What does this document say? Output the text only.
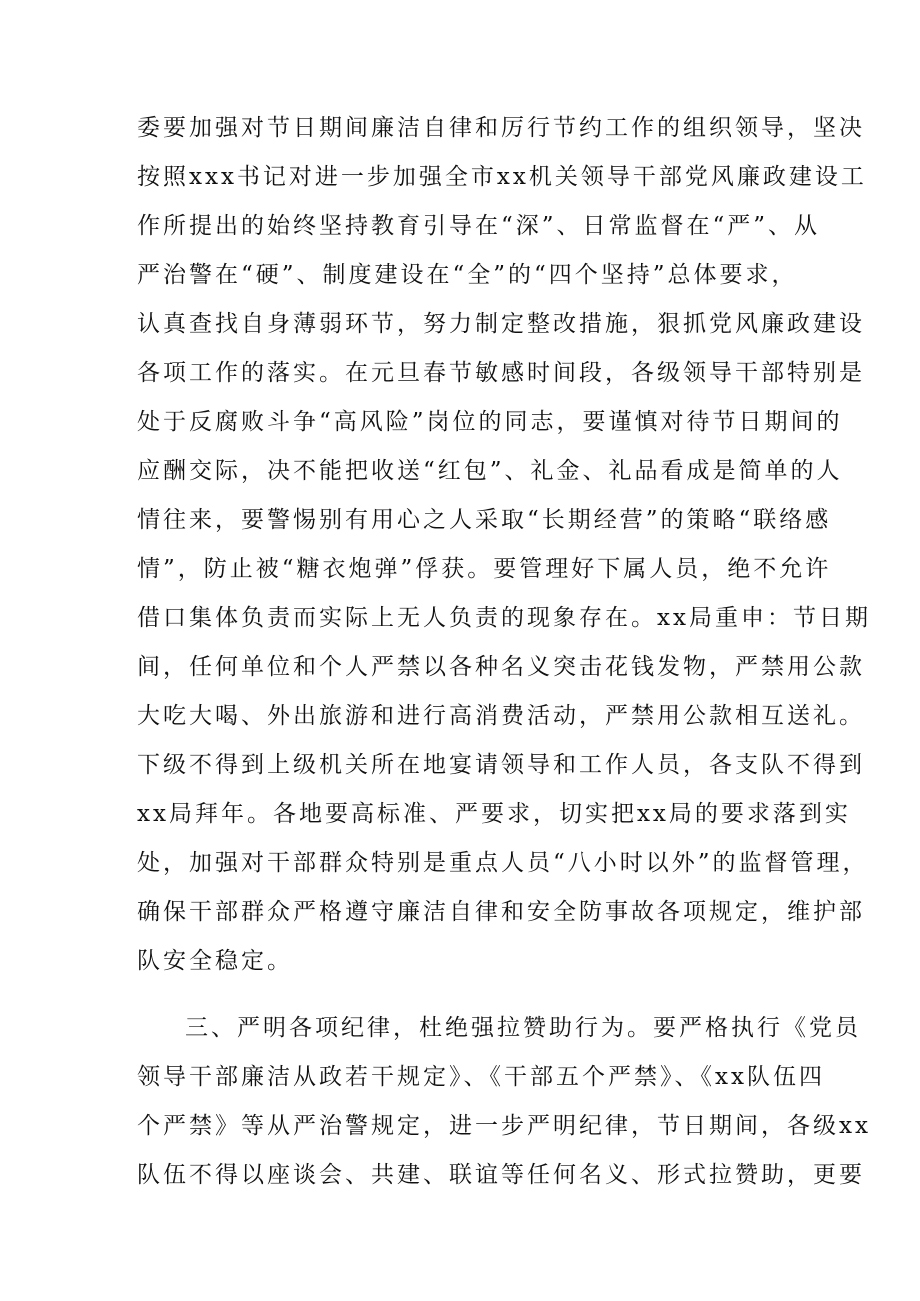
委要加强对节日期间廉洁自律和厉行节约工作的组织领导，坚决
按照xxx书记对进一步加强全市xx机关领导干部党风廉政建设工
作所提出的始终坚持教育引导在“深”、日常监督在“严”、从
严治警在“硬”、制度建设在“全”的“四个坚持”总体要求，
认真查找自身薄弱环节，努力制定整改措施，狠抓党风廉政建设
各项工作的落实。在元旦春节敏感时间段，各级领导干部特别是
处于反腐败斗争“高风险”岗位的同志，要谨慎对待节日期间的
应酬交际，决不能把收送“红包”、礼金、礼品看成是简单的人
情往来，要警惕别有用心之人采取“长期经营”的策略“联络感
情”，防止被“糖衣炮弹”俘获。要管理好下属人员，绝不允许
借口集体负责而实际上无人负责的现象存在。xx局重申：节日期
间，任何单位和个人严禁以各种名义突击花钱发物，严禁用公款
大吃大喝、外出旅游和进行高消费活动，严禁用公款相互送礼。
下级不得到上级机关所在地宴请领导和工作人员，各支队不得到
xx局拜年。各地要高标准、严要求，切实把xx局的要求落到实
处，加强对干部群众特别是重点人员“八小时以外”的监督管理，
确保干部群众严格遵守廉洁自律和安全防事故各项规定，维护部
队安全稳定。
三、严明各项纪律，杜绝强拉赞助行为。要严格执行《党员
领导干部廉洁从政若干规定》、《干部五个严禁》、《xx队伍四
个严禁》等从严治警规定，进一步严明纪律，节日期间，各级xx
队伍不得以座谈会、共建、联谊等任何名义、形式拉赞助，更要
